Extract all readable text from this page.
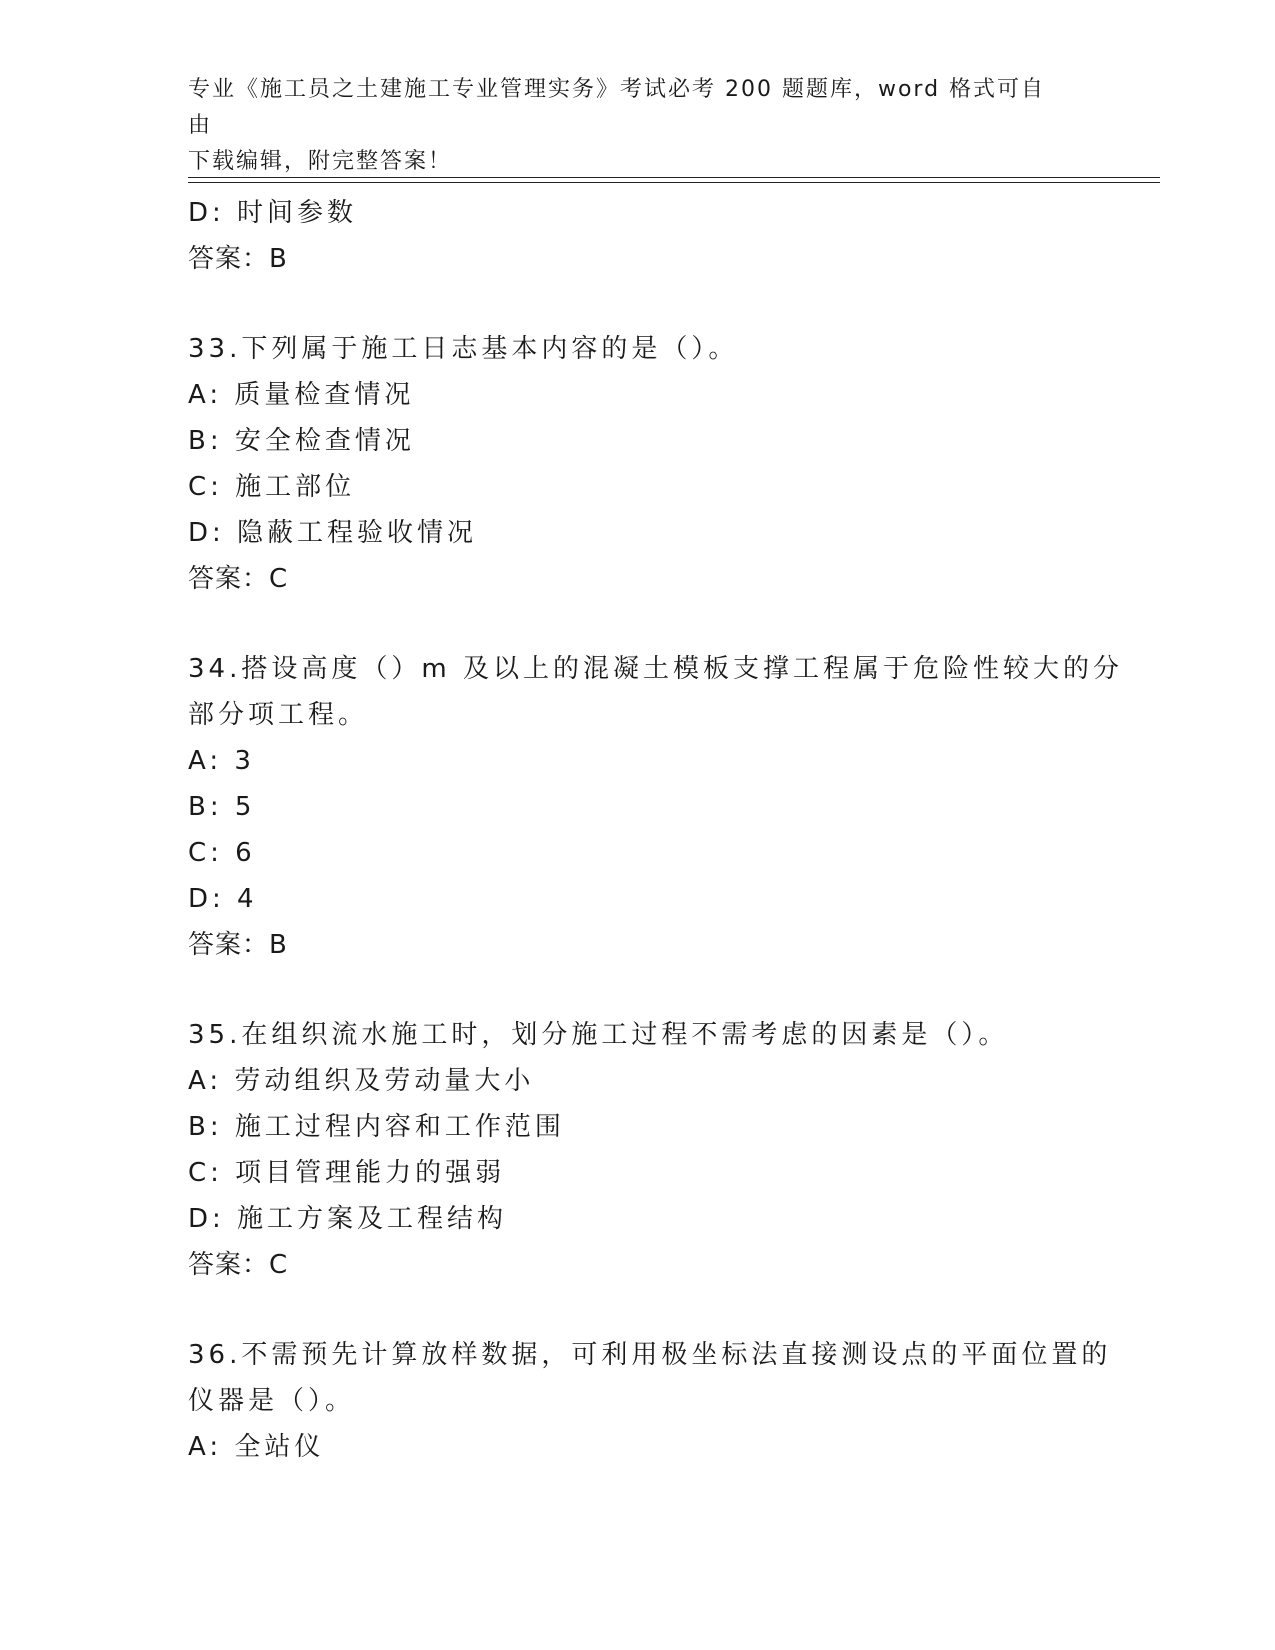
专业《施工员之土建施工专业管理实务》考试必考 200 题题库，word 格式可自由
下载编辑，附完整答案！
D: 时间参数
答案：B
33.下列属于施工日志基本内容的是（）。
A: 质量检查情况
B: 安全检查情况
C: 施工部位
D: 隐蔽工程验收情况
答案：C
34.搭设高度（）m 及以上的混凝土模板支撑工程属于危险性较大的分
部分项工程。
A: 3
B: 5
C: 6
D: 4
答案：B
35.在组织流水施工时，划分施工过程不需考虑的因素是（）。
A: 劳动组织及劳动量大小
B: 施工过程内容和工作范围
C: 项目管理能力的强弱
D: 施工方案及工程结构
答案：C
36.不需预先计算放样数据，可利用极坐标法直接测设点的平面位置的
仪器是（）。
A: 全站仪
